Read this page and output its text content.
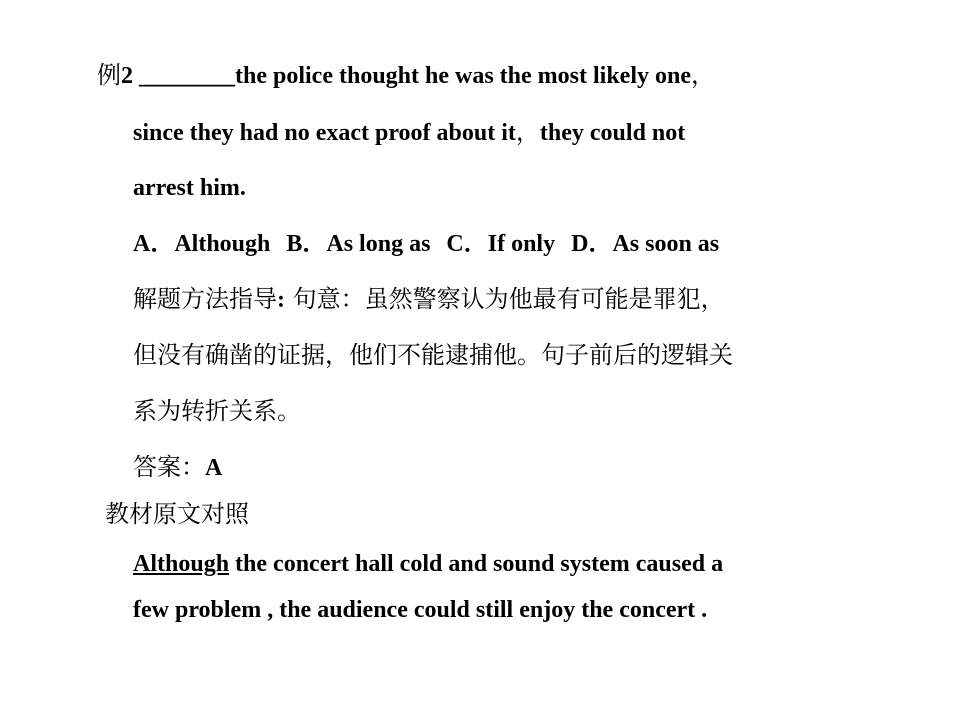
例2 ________the police thought he was the most likely one，
since they had no exact proof about it，they could not
arrest him.
A．Although B．As long as C．If only D．As soon as
解题方法指导: 句意：虽然警察认为他最有可能是罪犯，
但没有确凿的证据，他们不能逮捕他。句子前后的逻辑关
系为转折关系。
答案：A
教材原文对照
Although the concert hall cold and sound system caused a
few problem , the audience could still enjoy the concert .
